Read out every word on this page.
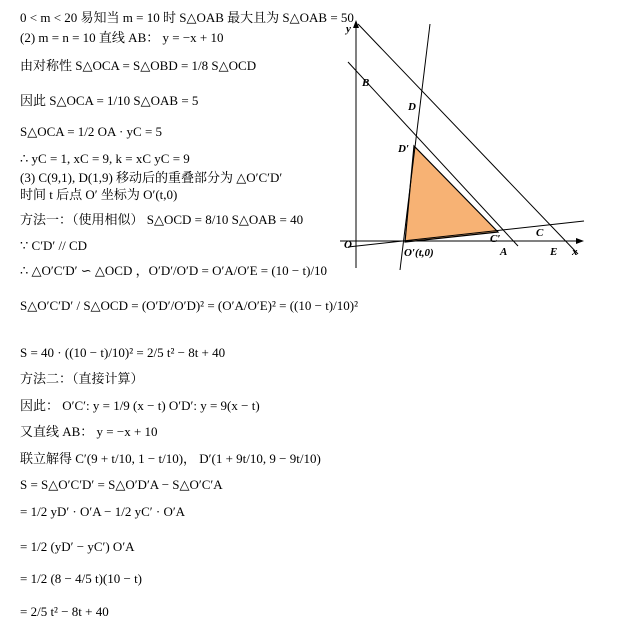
0 < m < 20 易知当 m = 10 时 S△OAB 最大且为 S△OAB = 50
(2) m = n = 10 直线 AB： y = −x + 10
由对称性 S△OCA = S△OBD = 1/8 S△OCD
因此 S△OCA = 1/10 S△OAB = 5
S△OCA = 1/2 OA · yC = 5
∴ yC = 1, xC = 9, k = xC yC = 9
(3) C(9,1), D(1,9) 移动后的重叠部分为 △O′C′D′
时间 t 后点 O′ 坐标为 O′(t,0)
方法一：（使用相似） S△OCD = 8/10 S△OAB = 40
∵ C′D′ // CD
∴ △O′C′D′ ∽ △OCD ，O′D′/O′D = O′A/O′E = (10 − t)/10
S△O′C′D′ / S△OCD = (O′D′/O′D)² = (O′A/O′E)² = ((10 − t)/10)²
S = 40 · ((10 − t)/10)² = 2/5 t² − 8t + 40
方法二：（直接计算）
因此： O′C′: y = 1/9 (x − t) O′D′: y = 9(x − t)
又直线 AB： y = −x + 10
联立解得 C′(9 + t/10, 1 − t/10)， D′(1 + 9t/10, 9 − 9t/10)
S = S△O′C′D′ = S△O′D′A − S△O′C′A
= 1/2 yD′ · O′A − 1/2 yC′ · O′A
= 1/2 (yD′ − yC′) O′A
= 1/2 (8 − 4/5 t)(10 − t)
= 2/5 t² − 8t + 40
y
x
O
O′(t,0)
B
D
D′
C′	C
A	E
